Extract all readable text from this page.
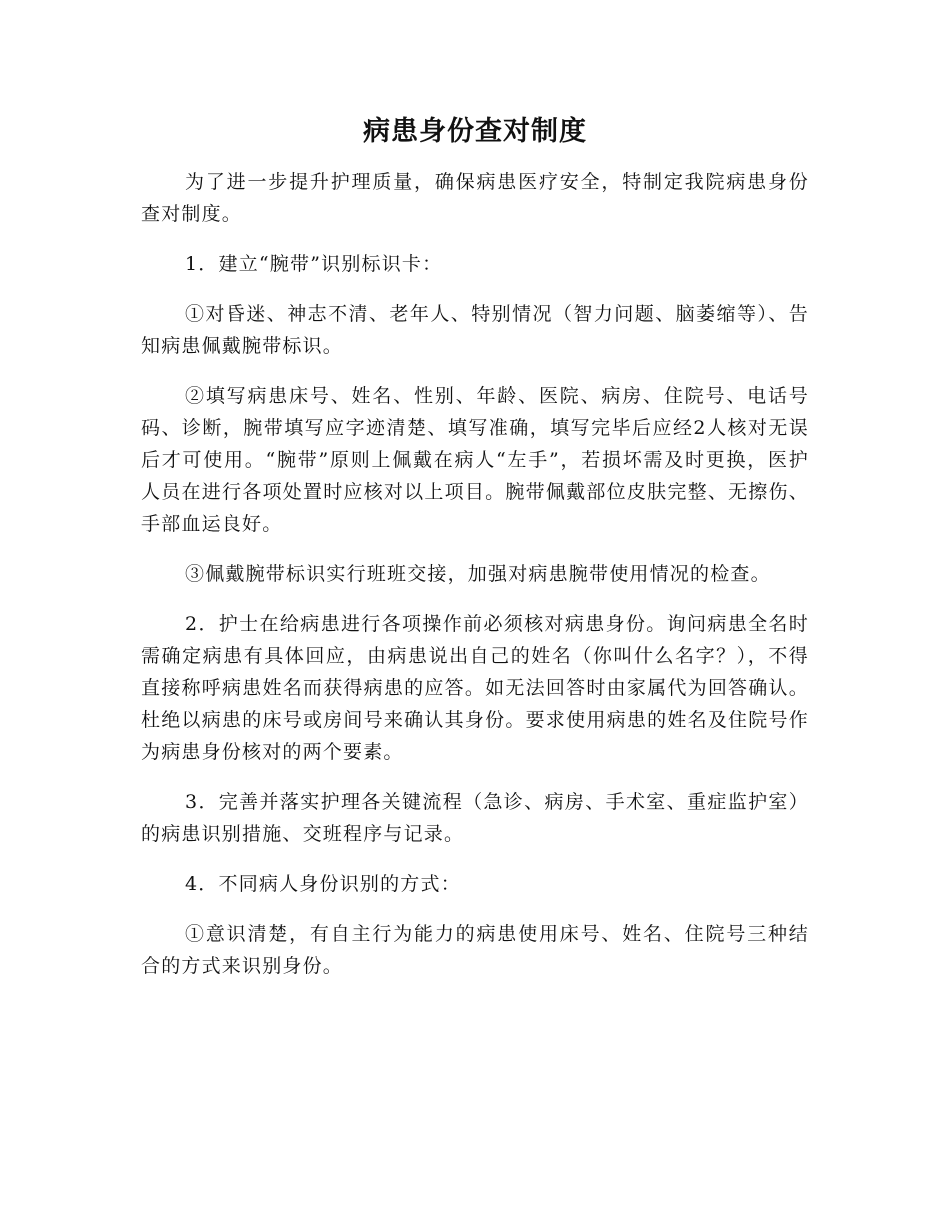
病患身份查对制度

为了进一步提升护理质量，确保病患医疗安全，特制定我院病患身份查对制度。

1．建立“腕带”识别标识卡：

①对昏迷、神志不清、老年人、特别情况（智力问题、脑萎缩等）、告知病患佩戴腕带标识。

②填写病患床号、姓名、性别、年龄、医院、病房、住院号、电话号码、诊断，腕带填写应字迹清楚、填写准确，填写完毕后应经2人核对无误后才可使用。“腕带”原则上佩戴在病人“左手”，若损坏需及时更换，医护人员在进行各项处置时应核对以上项目。腕带佩戴部位皮肤完整、无擦伤、手部血运良好。

③佩戴腕带标识实行班班交接，加强对病患腕带使用情况的检查。

2．护士在给病患进行各项操作前必须核对病患身份。询问病患全名时需确定病患有具体回应，由病患说出自己的姓名（你叫什么名字？），不得直接称呼病患姓名而获得病患的应答。如无法回答时由家属代为回答确认。杜绝以病患的床号或房间号来确认其身份。要求使用病患的姓名及住院号作为病患身份核对的两个要素。

3．完善并落实护理各关键流程（急诊、病房、手术室、重症监护室）的病患识别措施、交班程序与记录。

4．不同病人身份识别的方式：

①意识清楚，有自主行为能力的病患使用床号、姓名、住院号三种结合的方式来识别身份。
